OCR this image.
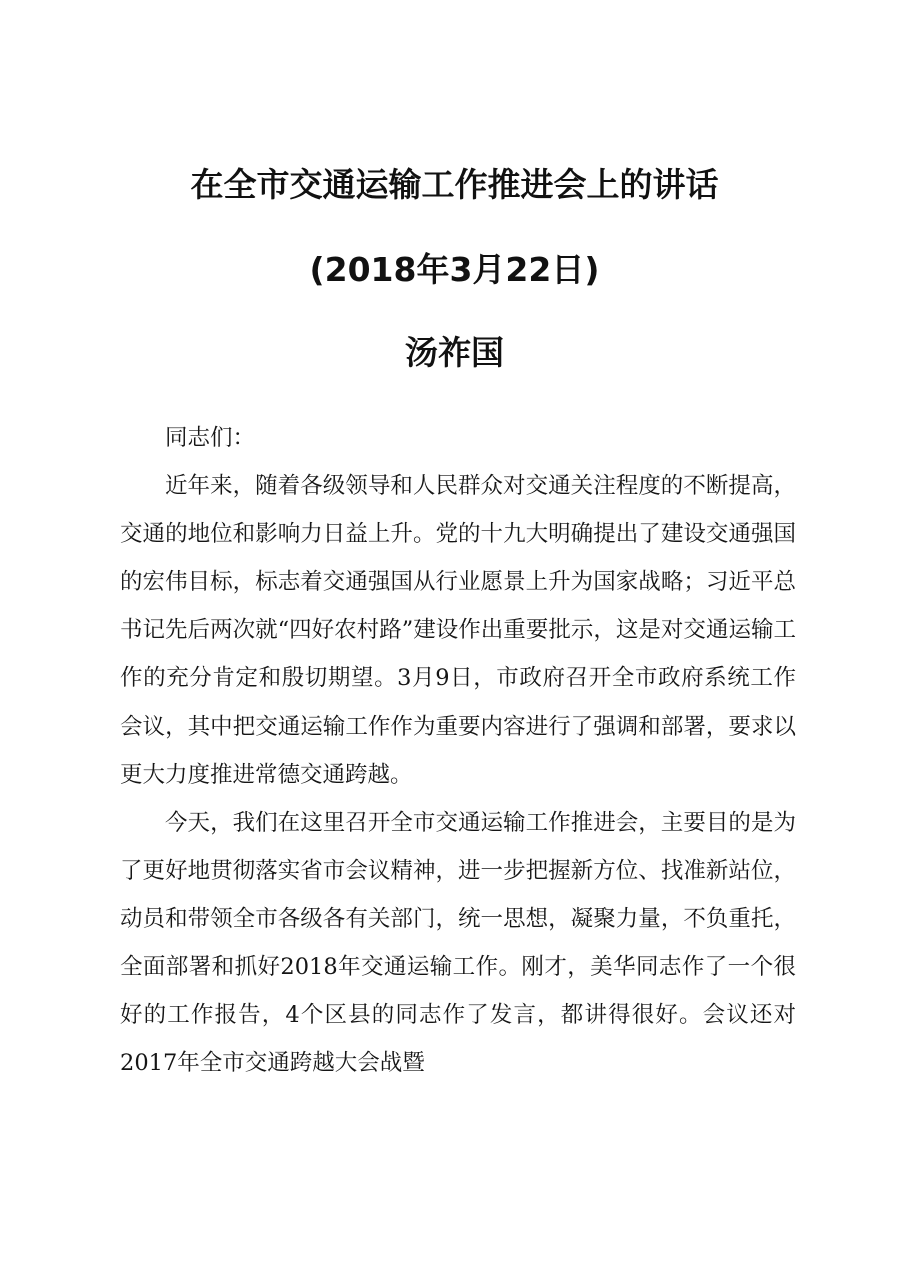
在全市交通运输工作推进会上的讲话
(2018年3月22日)
汤祚国

同志们：

近年来，随着各级领导和人民群众对交通关注程度的不断提高，交通的地位和影响力日益上升。党的十九大明确提出了建设交通强国的宏伟目标，标志着交通强国从行业愿景上升为国家战略；习近平总书记先后两次就“四好农村路”建设作出重要批示，这是对交通运输工作的充分肯定和殷切期望。3月9日，市政府召开全市政府系统工作会议，其中把交通运输工作作为重要内容进行了强调和部署，要求以更大力度推进常德交通跨越。

今天，我们在这里召开全市交通运输工作推进会，主要目的是为了更好地贯彻落实省市会议精神，进一步把握新方位、找准新站位，动员和带领全市各级各有关部门，统一思想，凝聚力量，不负重托，全面部署和抓好2018年交通运输工作。刚才，美华同志作了一个很好的工作报告，4个区县的同志作了发言，都讲得很好。会议还对2017年全市交通跨越大会战暨
